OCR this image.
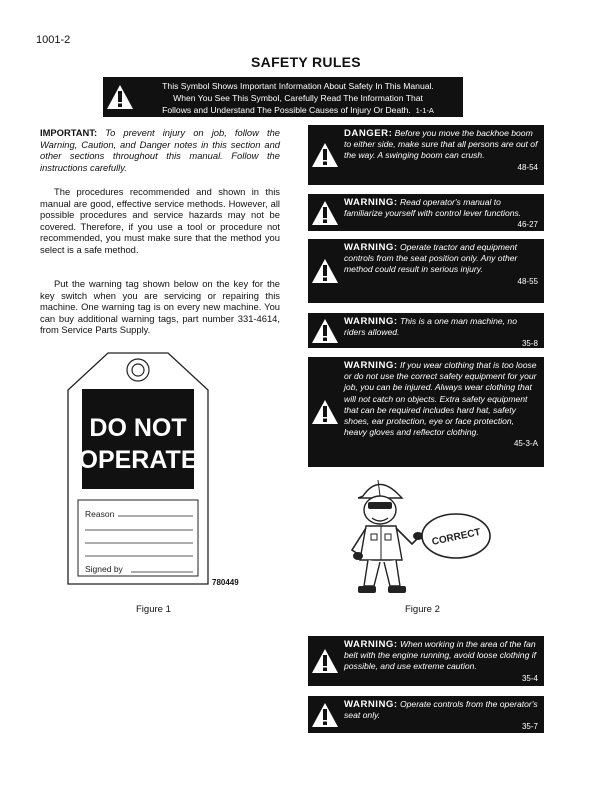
1001-2
SAFETY RULES
This Symbol Shows Important Information About Safety In This Manual.
When You See This Symbol, Carefully Read The Information That
Follows and Understand The Possible Causes of Injury Or Death. 1-1-A
IMPORTANT: To prevent injury on job, follow the Warning, Caution, and Danger notes in this section and other sections throughout this manual. Follow the instructions carefully.
The procedures recommended and shown in this manual are good, effective service methods. However, all possible procedures and service hazards may not be covered. Therefore, if you use a tool or procedure not recommended, you must make sure that the method you select is a safe method.
Put the warning tag shown below on the key for the key switch when you are servicing or repairing this machine. One warning tag is on every new machine. You can buy additional warning tags, part number 331-4614, from Service Parts Supply.
DO NOT
OPERATE
Reason
Signed by
780449
Figure 1
DANGER: Before you move the backhoe boom to either side, make sure that all persons are out of the way. A swinging boom can crush.
48-54
WARNING: Read operator's manual to familiarize yourself with control lever functions.
46-27
WARNING: Operate tractor and equipment controls from the seat position only. Any other method could result in serious injury.
48-55
WARNING: This is a one man machine, no riders allowed.
35-8
WARNING: If you wear clothing that is too loose or do not use the correct safety equipment for your job, you can be injured. Always wear clothing that will not catch on objects. Extra safety equipment that can be required includes hard hat, safety shoes, ear protection, eye or face protection, heavy gloves and reflector clothing.
45-3-A
CORRECT
Figure 2
WARNING: When working in the area of the fan belt with the engine running, avoid loose clothing if possible, and use extreme caution.
35-4
WARNING: Operate controls from the operator's seat only.
35-7
